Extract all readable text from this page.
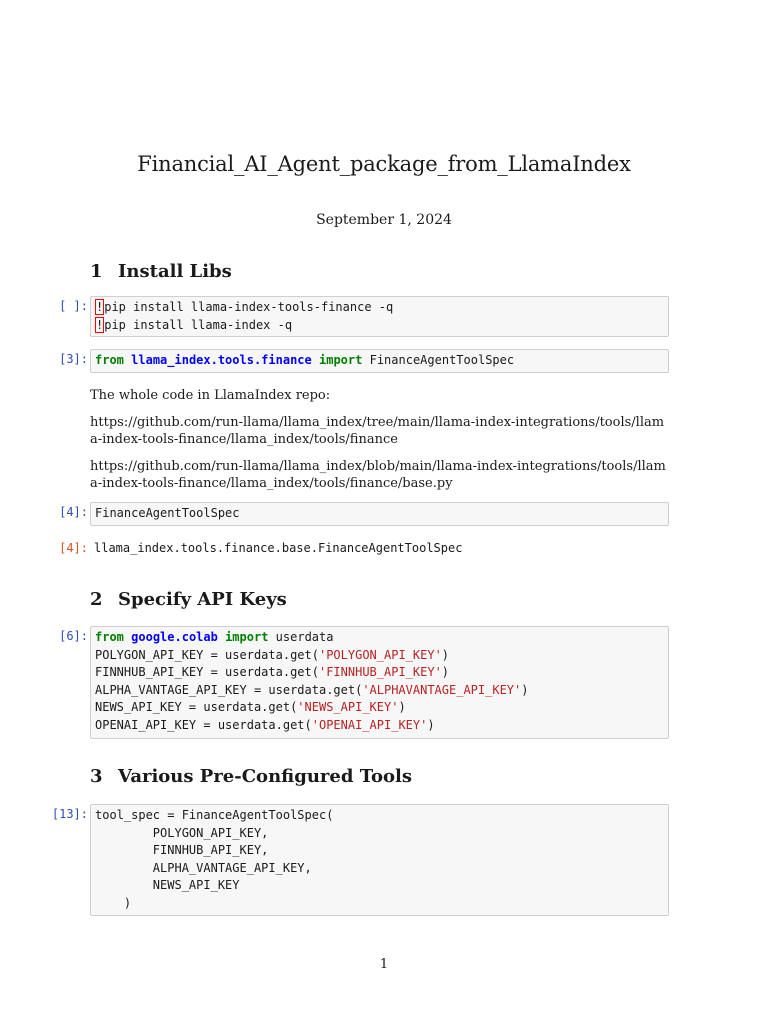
Financial_AI_Agent_package_from_LlamaIndex
September 1, 2024
1 Install Libs
[ ]: !pip install llama-index-tools-finance -q
!pip install llama-index -q
[3]: from llama_index.tools.finance import FinanceAgentToolSpec
The whole code in LlamaIndex repo:
https://github.com/run-llama/llama_index/tree/main/llama-index-integrations/tools/llama-index-tools-finance/llama_index/tools/finance
https://github.com/run-llama/llama_index/blob/main/llama-index-integrations/tools/llama-index-tools-finance/llama_index/tools/finance/base.py
[4]: FinanceAgentToolSpec
[4]: llama_index.tools.finance.base.FinanceAgentToolSpec
2 Specify API Keys
[6]: from google.colab import userdata
POLYGON_API_KEY = userdata.get('POLYGON_API_KEY')
FINNHUB_API_KEY = userdata.get('FINNHUB_API_KEY')
ALPHA_VANTAGE_API_KEY = userdata.get('ALPHAVANTAGE_API_KEY')
NEWS_API_KEY = userdata.get('NEWS_API_KEY')
OPENAI_API_KEY = userdata.get('OPENAI_API_KEY')
3 Various Pre-Configured Tools
[13]: tool_spec = FinanceAgentToolSpec(
POLYGON_API_KEY,
FINNHUB_API_KEY,
ALPHA_VANTAGE_API_KEY,
NEWS_API_KEY
)
1
